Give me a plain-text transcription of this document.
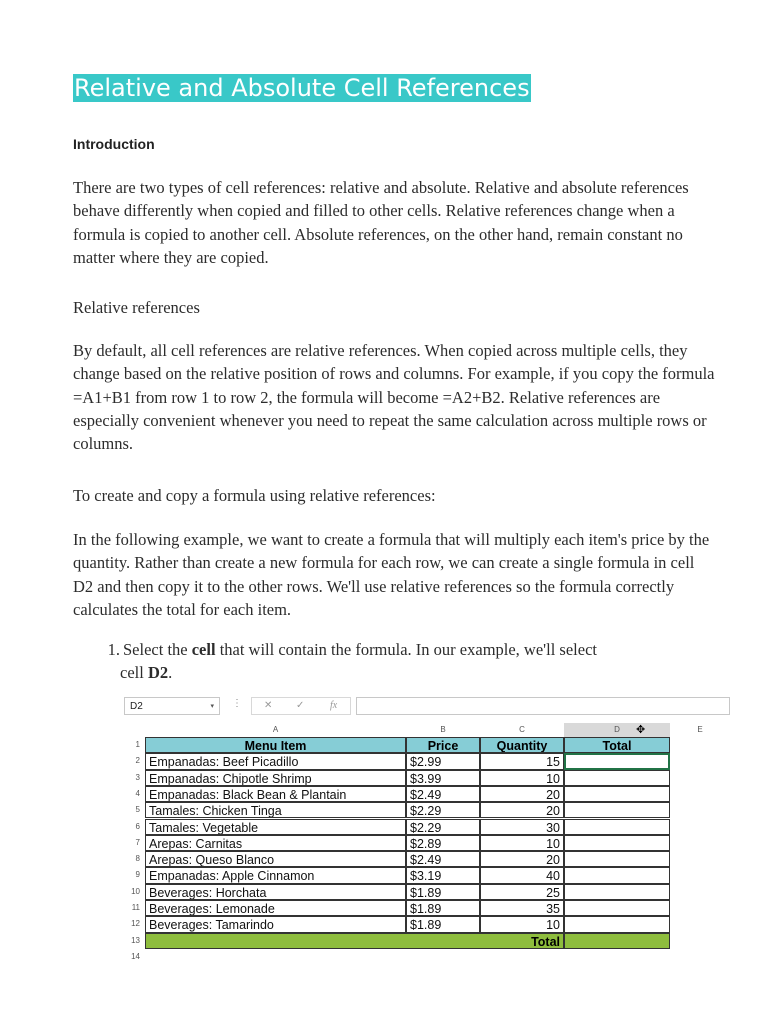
Relative and Absolute Cell References
Introduction

There are two types of cell references: relative and absolute. Relative and absolute references behave differently when copied and filled to other cells. Relative references change when a formula is copied to another cell. Absolute references, on the other hand, remain constant no matter where they are copied.

Relative references

By default, all cell references are relative references. When copied across multiple cells, they change based on the relative position of rows and columns. For example, if you copy the formula =A1+B1 from row 1 to row 2, the formula will become =A2+B2. Relative references are especially convenient whenever you need to repeat the same calculation across multiple rows or columns.

To create and copy a formula using relative references:

In the following example, we want to create a formula that will multiply each item's price by the quantity. Rather than create a new formula for each row, we can create a single formula in cell D2 and then copy it to the other rows. We'll use relative references so the formula correctly calculates the total for each item.

1. Select the cell that will contain the formula. In our example, we'll select
cell D2.

D2	▾ ⋮ ✕ ✓	fx
A	B	C	D	E
1	Menu Item	Price	Quantity	Total
2 Empanadas: Beef Picadillo	$2.99	15
3 Empanadas: Chipotle Shrimp	$3.99	10
4 Empanadas: Black Bean & Plantain	$2.49	20
5 Tamales: Chicken Tinga	$2.29	20
6 Tamales: Vegetable	$2.29	30
7 Arepas: Carnitas	$2.89	10
8 Arepas: Queso Blanco	$2.49	20
9 Empanadas: Apple Cinnamon	$3.19	40
10 Beverages: Horchata	$1.89	25
11 Beverages: Lemonade	$1.89	35
12 Beverages: Tamarindo	$1.89	10
13	Total
14
✥
